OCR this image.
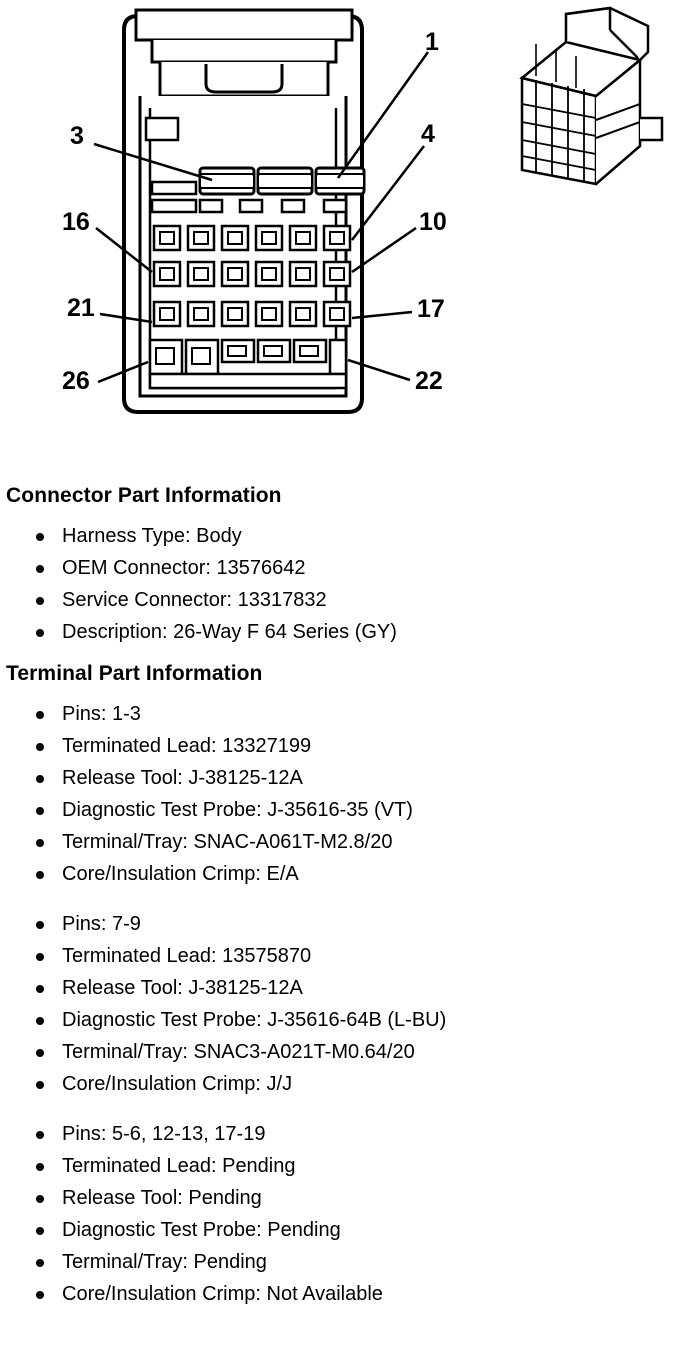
1
3	4
16	10
21	17
26	22
Connector Part Information
Harness Type: Body
OEM Connector: 13576642
Service Connector: 13317832
Description: 26-Way F 64 Series (GY)
Terminal Part Information
Pins: 1-3
Terminated Lead: 13327199
Release Tool: J-38125-12A
Diagnostic Test Probe: J-35616-35 (VT)
Terminal/Tray: SNAC-A061T-M2.8/20
Core/Insulation Crimp: E/A
Pins: 7-9
Terminated Lead: 13575870
Release Tool: J-38125-12A
Diagnostic Test Probe: J-35616-64B (L-BU)
Terminal/Tray: SNAC3-A021T-M0.64/20
Core/Insulation Crimp: J/J
Pins: 5-6, 12-13, 17-19
Terminated Lead: Pending
Release Tool: Pending
Diagnostic Test Probe: Pending
Terminal/Tray: Pending
Core/Insulation Crimp: Not Available
